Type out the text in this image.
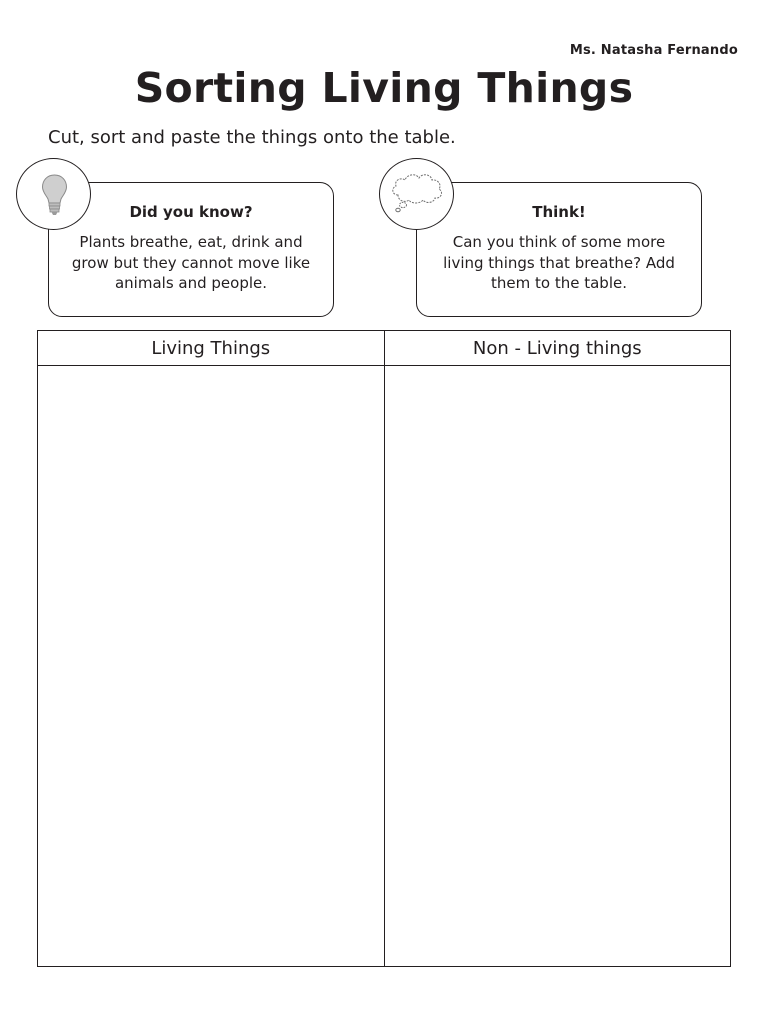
Ms. Natasha Fernando
Sorting Living Things
Cut, sort and paste the things onto the table.
Did you know?
Plants breathe, eat, drink and
grow but they cannot move like
animals and people.
Think!
Can you think of some more
living things that breathe? Add
them to the table.
Living Things	Non - Living things
